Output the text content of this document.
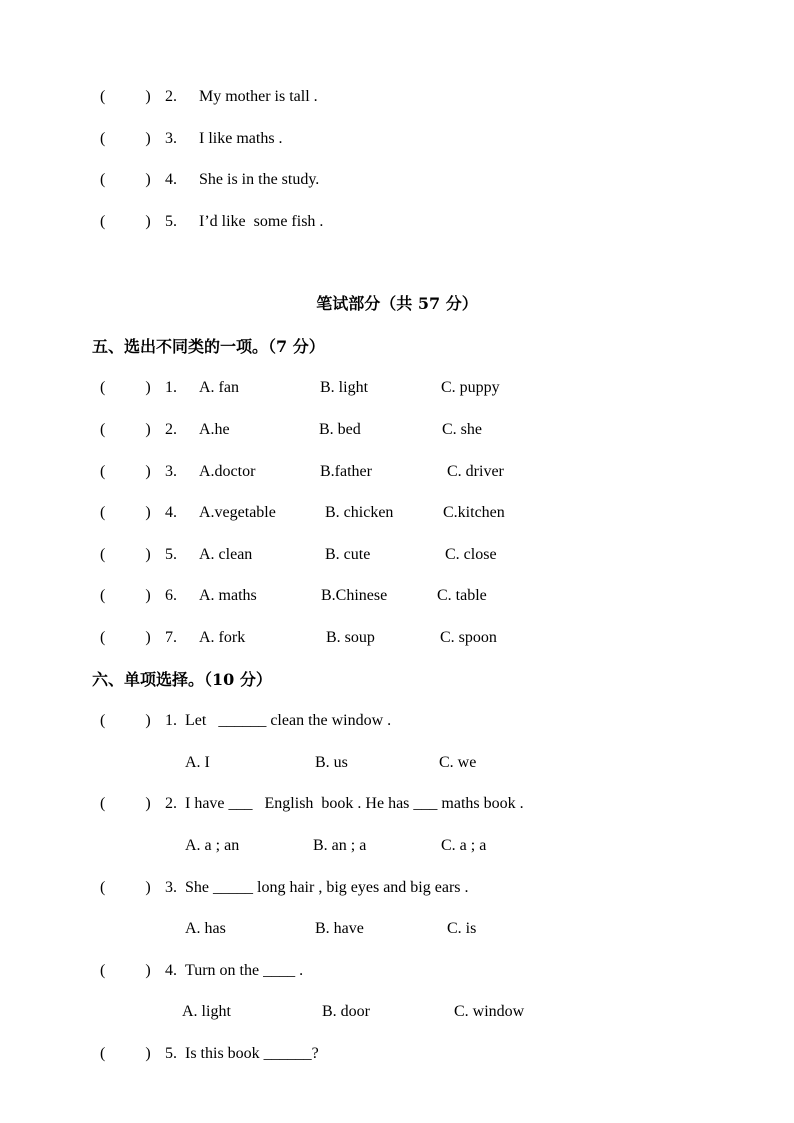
(          ) 2. My mother is tall .
(          ) 3. I like maths .
(          ) 4. She is in the study.
(          ) 5. I’d like  some fish .
笔试部分（共 57 分）
五、选出不同类的一项。（7 分）
(          ) 1. A. fan	B. light	C. puppy
(          ) 2. A.he	B. bed	C. she
(          ) 3. A.doctor	B.father	C. driver
(          ) 4. A.vegetable	B. chicken	C.kitchen
(          ) 5. A. clean	B. cute	C. close
(          ) 6. A. maths	B.Chinese	C. table
(          ) 7. A. fork	B. soup	C. spoon
六、单项选择。（10 分）
(          ) 1. Let   ______ clean the window .
A. I	B. us	C. we
(          ) 2. I have ___   English  book . He has ___ maths book .
A. a ; an	B. an ; a	C. a ; a
(          ) 3. She _____ long hair , big eyes and big ears .
A. has	B. have	C. is
(          ) 4. Turn on the ____ .
A. light	B. door	C. window
(          ) 5. Is this book ______?
